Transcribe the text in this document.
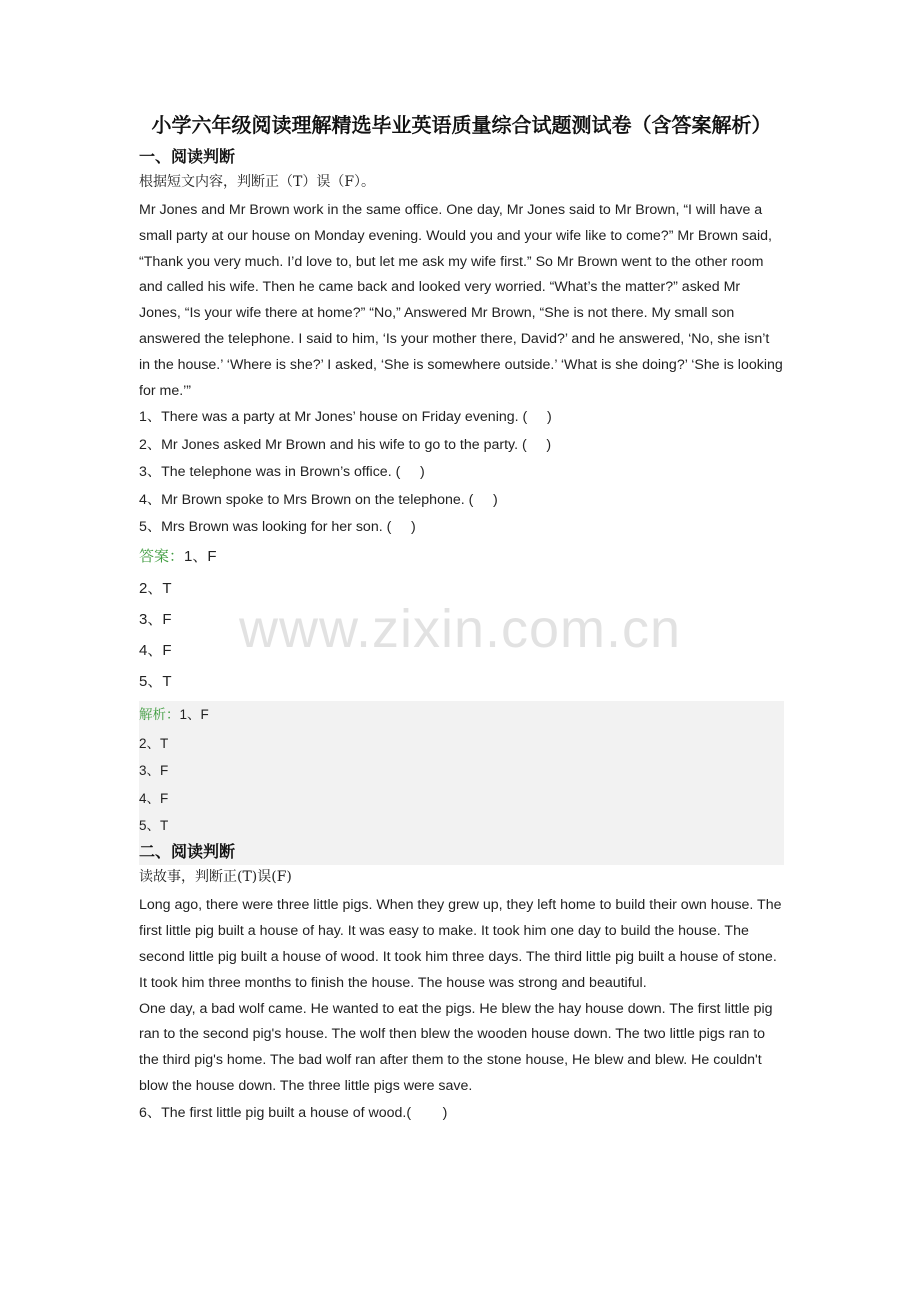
小学六年级阅读理解精选毕业英语质量综合试题测试卷（含答案解析）
一、阅读判断
根据短文内容，判断正（T）误（F）。

Mr Jones and Mr Brown work in the same office. One day, Mr Jones said to Mr Brown, “I will have a small party at our house on Monday evening. Would you and your wife like to come?” Mr Brown said, “Thank you very much. I’d love to, but let me ask my wife first.” So Mr Brown went to the other room and called his wife. Then he came back and looked very worried. “What’s the matter?” asked Mr Jones, “Is your wife there at home?” “No,” Answered Mr Brown, “She is not there. My small son answered the telephone. I said to him, ‘Is your mother there, David?’ and he answered, ‘No, she isn’t in the house.’ ‘Where is she?’ I asked, ‘She is somewhere outside.’ ‘What is she doing?’ ‘She is looking for me.’”

1、There was a party at Mr Jones’ house on Friday evening. (     )
2、Mr Jones asked Mr Brown and his wife to go to the party. (     )
3、The telephone was in Brown’s office. (     )
4、Mr Brown spoke to Mrs Brown on the telephone. (     )
5、Mrs Brown was looking for her son. (     )
答案：1、F
2、T
3、F
4、F
5、T
解析：1、F
2、T
3、F
4、F
5、T
二、阅读判断
读故事，判断正(T)误(F)

Long ago, there were three little pigs. When they grew up, they left home to build their own house. The first little pig built a house of hay. It was easy to make. It took him one day to build the house. The second little pig built a house of wood. It took him three days. The third little pig built a house of stone. It took him three months to finish the house. The house was strong and beautiful.

One day, a bad wolf came. He wanted to eat the pigs. He blew the hay house down. The first little pig ran to the second pig's house. The wolf then blew the wooden house down. The two little pigs ran to the third pig's home. The bad wolf ran after them to the stone house, He blew and blew. He couldn't blow the house down. The three little pigs were save.

6、The first little pig built a house of wood.(        )
www.zixin.com.cn
